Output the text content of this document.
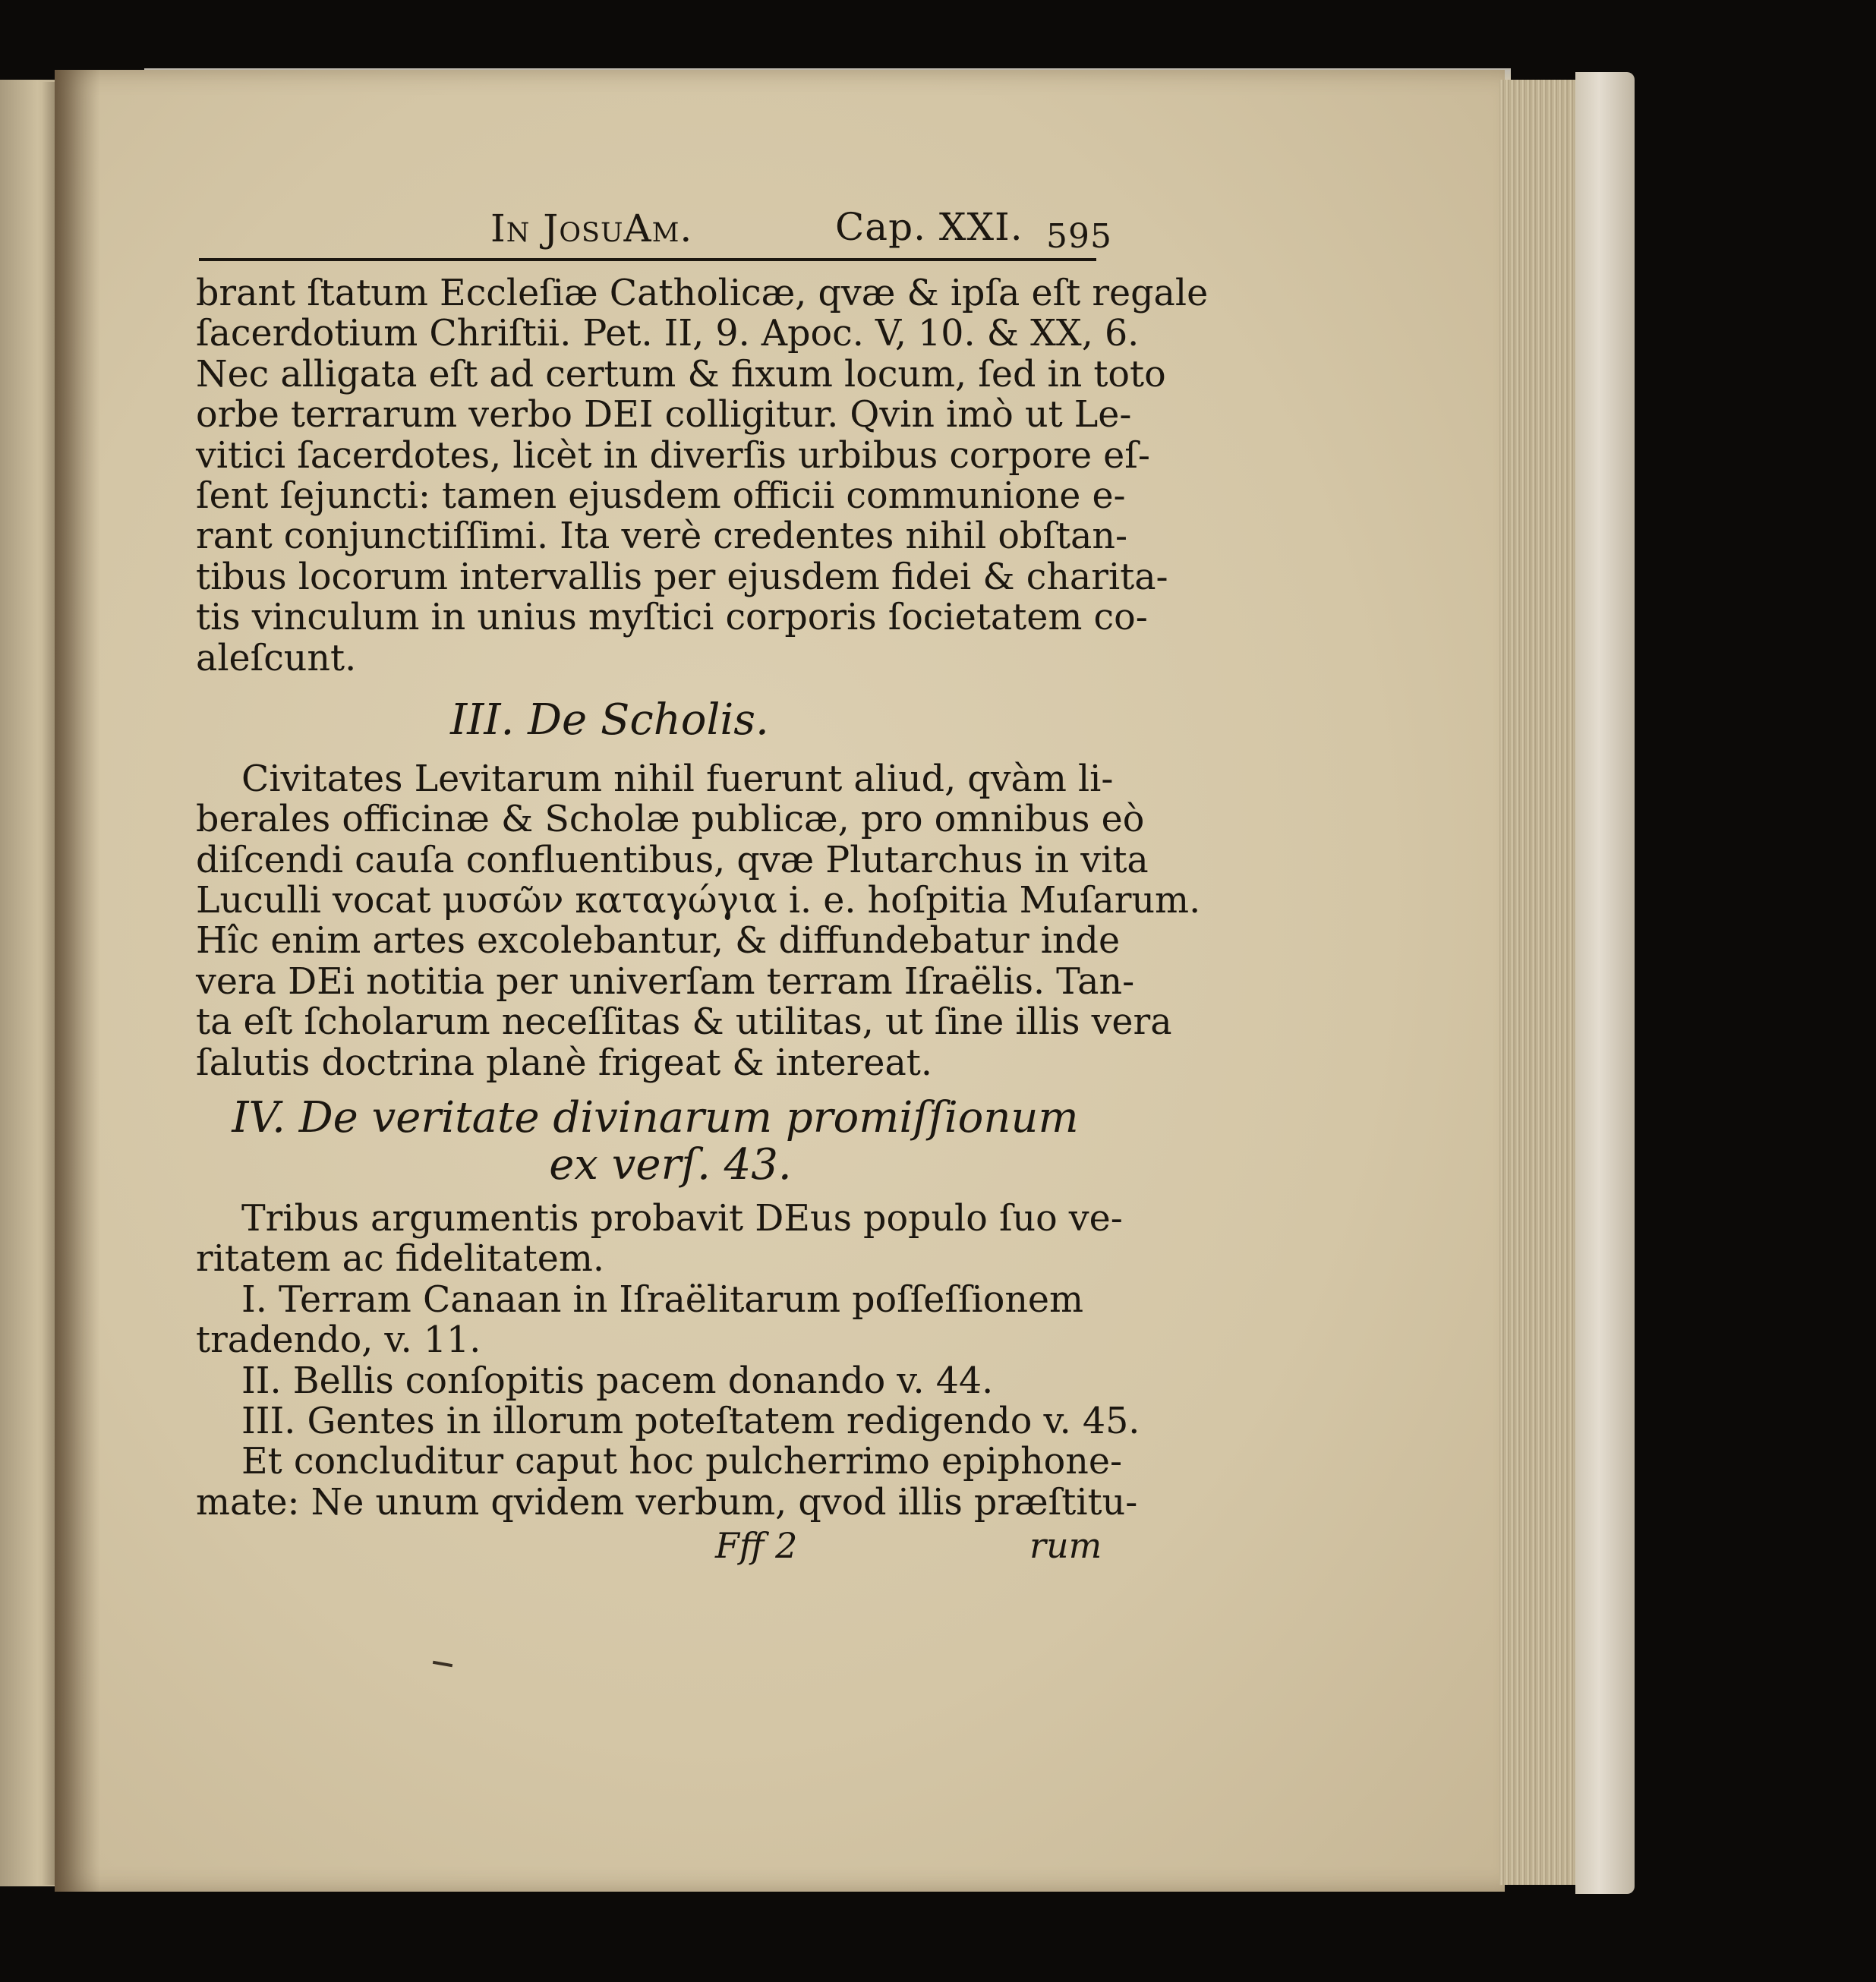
In JosuAm.	Cap. XXI. 595
brant ſtatum Eccleſiæ Catholicæ, qvæ & ipſa eſt regale
ſacerdotium Chriſtii. Pet. II, 9. Apoc. V, 10. & XX, 6.
Nec alligata eſt ad certum & fixum locum, ſed in toto
orbe terrarum verbo DEI colligitur. Qvin imò ut Le-
vitici ſacerdotes, licèt in diverſis urbibus corpore eſ-
ſent ſejuncti: tamen ejusdem officii communione e-
rant conjunctiſſimi. Ita verè credentes nihil obſtan-
tibus locorum intervallis per ejusdem fidei & charita-
tis vinculum in unius myſtici corporis ſocietatem co-
aleſcunt.
III. De Scholis.
Civitates Levitarum nihil fuerunt aliud, qvàm li-
berales officinæ & Scholæ publicæ, pro omnibus eò
diſcendi cauſa confluentibus, qvæ Plutarchus in vita
Luculli vocat μυσῶν καταγώγια i. e. hoſpitia Muſarum.
Hîc enim artes excolebantur, & diffundebatur inde
vera DEi notitia per univerſam terram Iſraëlis. Tan-
ta eſt ſcholarum neceſſitas & utilitas, ut ſine illis vera
ſalutis doctrina planè frigeat & intereat.
IV. De veritate divinarum promiſſionum
ex verſ. 43.
Tribus argumentis probavit DEus populo ſuo ve-
ritatem ac fidelitatem.
I. Terram Canaan in Iſraëlitarum poſſeſſionem
tradendo, v. 11.
II. Bellis conſopitis pacem donando v. 44.
III. Gentes in illorum poteſtatem redigendo v. 45.
Et concluditur caput hoc pulcherrimo epiphone-
mate: Ne unum qvidem verbum, qvod illis præſtitu-
Fff 2	rum
